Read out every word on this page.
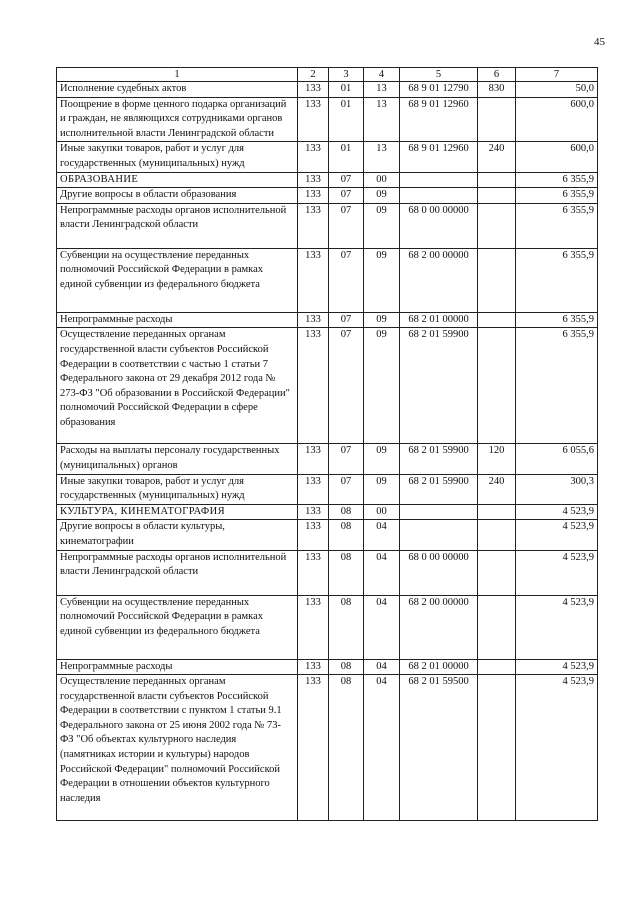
45
1	2	3	4	5	6	7
Исполнение судебных актов	133	01	13	68 9 01 12790	830	50,0
Поощрение в форме ценного подарка организаций и граждан, не являющихся сотрудниками органов исполнительной власти Ленинградской области	133	01	13	68 9 01 12960		600,0
Иные закупки товаров, работ и услуг для государственных (муниципальных) нужд	133	01	13	68 9 01 12960	240	600,0
ОБРАЗОВАНИЕ	133	07	00			6 355,9
Другие вопросы в области образования	133	07	09			6 355,9
Непрограммные расходы органов исполнительной власти Ленинградской области	133	07	09	68 0 00 00000		6 355,9
Субвенции на осуществление переданных полномочий Российской Федерации в рамках единой субвенции из федерального бюджета	133	07	09	68 2 00 00000		6 355,9
Непрограммные расходы	133	07	09	68 2 01 00000		6 355,9
Осуществление переданных органам государственной власти субъектов Российской Федерации в соответствии с частью 1 статьи 7 Федерального закона от 29 декабря 2012 года № 273-ФЗ "Об образовании в Российской Федерации" полномочий Российской Федерации в сфере образования	133	07	09	68 2 01 59900		6 355,9
Расходы на выплаты персоналу государственных (муниципальных) органов	133	07	09	68 2 01 59900	120	6 055,6
Иные закупки товаров, работ и услуг для государственных (муниципальных) нужд	133	07	09	68 2 01 59900	240	300,3
КУЛЬТУРА, КИНЕМАТОГРАФИЯ	133	08	00			4 523,9
Другие вопросы в области культуры, кинематографии	133	08	04			4 523,9
Непрограммные расходы органов исполнительной власти Ленинградской области	133	08	04	68 0 00 00000		4 523,9
Субвенции на осуществление переданных полномочий Российской Федерации в рамках единой субвенции из федерального бюджета	133	08	04	68 2 00 00000		4 523,9
Непрограммные расходы	133	08	04	68 2 01 00000		4 523,9
Осуществление переданных органам государственной власти субъектов Российской Федерации в соответствии с пунктом 1 статьи 9.1 Федерального закона от 25 июня 2002 года № 73-ФЗ "Об объектах культурного наследия (памятниках истории и культуры) народов Российской Федерации" полномочий Российской Федерации в отношении объектов культурного наследия	133	08	04	68 2 01 59500		4 523,9
